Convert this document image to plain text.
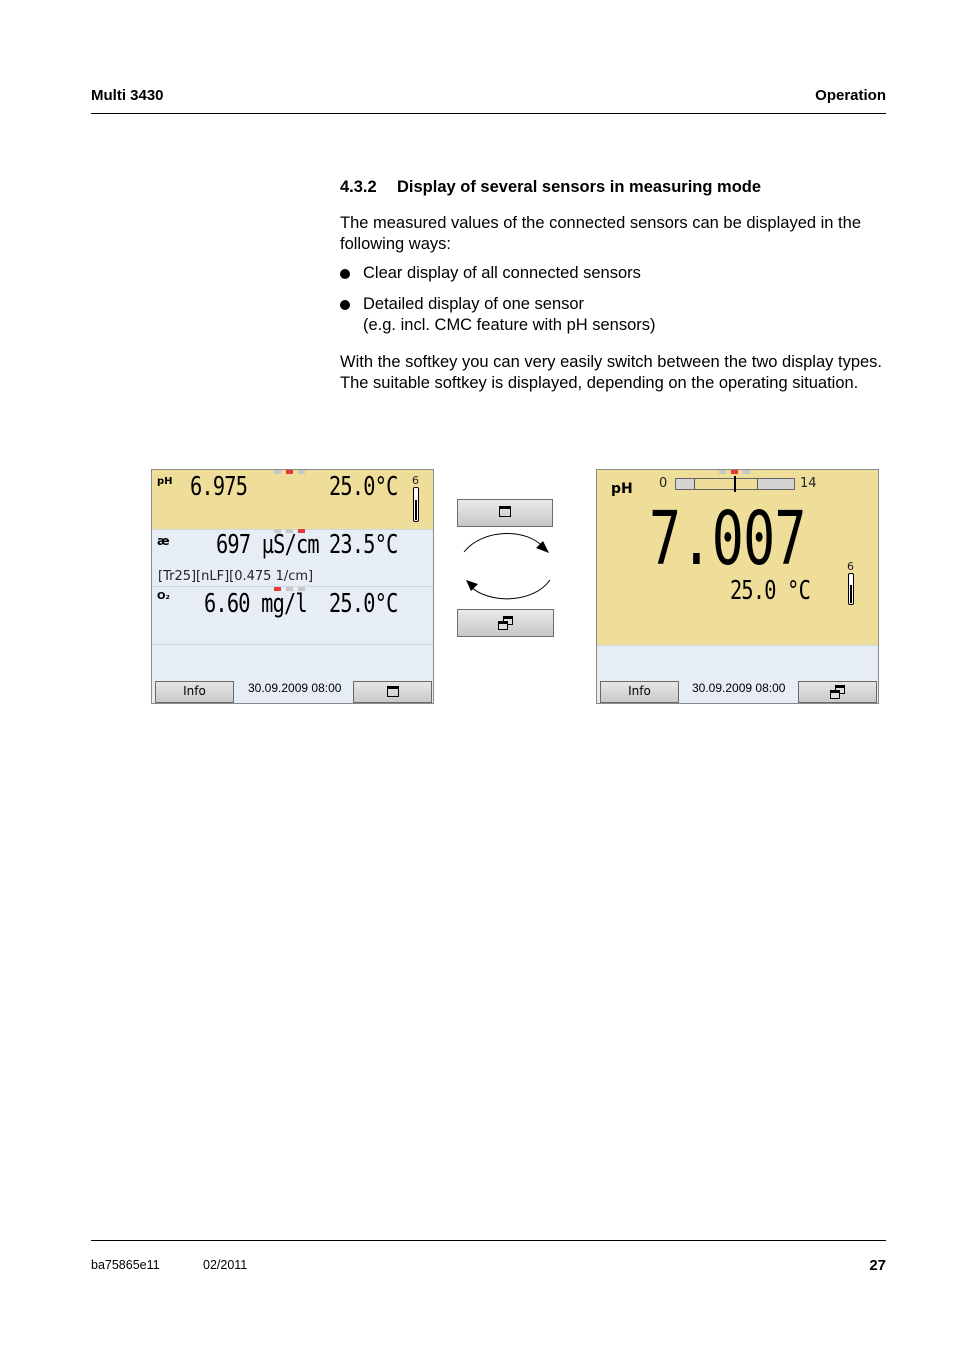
Multi 3430	Operation
4.3.2 Display of several sensors in measuring mode
The measured values of the connected sensors can be displayed in the following ways:
Clear display of all connected sensors
Detailed display of one sensor
(e.g. incl. CMC feature with pH sensors)
With the softkey you can very easily switch between the two display types. The suitable softkey is displayed, depending on the operating situation.
pH 6.975	25.0°C 6
æ 697 µS/cm 23.5°C
[Tr25][nLF][0.475 1/cm]
O₂ 6.60 mg/l 25.0°C
Info	30.09.2009 08:00
pH 0	14
7.007
25.0 °C
6
Info	30.09.2009 08:00
ba75865e11	02/2011	27
